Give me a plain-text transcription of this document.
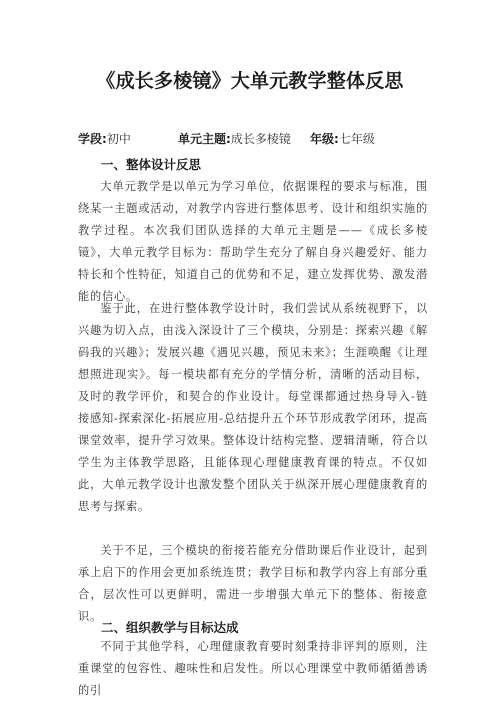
《成长多棱镜》大单元教学整体反思
学段:初中	单元主题:成长多棱镜 年级:七年级
一、整体设计反思

大单元教学是以单元为学习单位，依据课程的要求与标准，围绕某一主题或活动，对教学内容进行整体思考、设计和组织实施的教学过程。本次我们团队选择的大单元主题是——《成长多棱镜》，大单元教学目标为：帮助学生充分了解自身兴趣爱好、能力特长和个性特征，知道自己的优势和不足，建立发挥优势、激发潜能的信心。

鉴于此，在进行整体教学设计时，我们尝试从系统视野下，以兴趣为切入点，由浅入深设计了三个模块，分别是：探索兴趣《解码我的兴趣》；发展兴趣《遇见兴趣，预见未来》；生涯唤醒《让理想照进现实》。每一模块都有充分的学情分析，清晰的活动目标，及时的教学评价，和契合的作业设计。每堂课都通过热身导入-链接感知-探索深化-拓展应用-总结提升五个环节形成教学闭环，提高课堂效率，提升学习效果。整体设计结构完整、逻辑清晰，符合以学生为主体教学思路，且能体现心理健康教育课的特点。不仅如此，大单元教学设计也激发整个团队关于纵深开展心理健康教育的思考与探索。

关于不足，三个模块的衔接若能充分借助课后作业设计，起到承上启下的作用会更加系统连贯；教学目标和教学内容上有部分重合，层次性可以更鲜明，需进一步增强大单元下的整体、衔接意识。

二、组织教学与目标达成

不同于其他学科，心理健康教育要时刻秉持非评判的原则，注重课堂的包容性、趣味性和启发性。所以心理课堂中教师循循善诱的引
